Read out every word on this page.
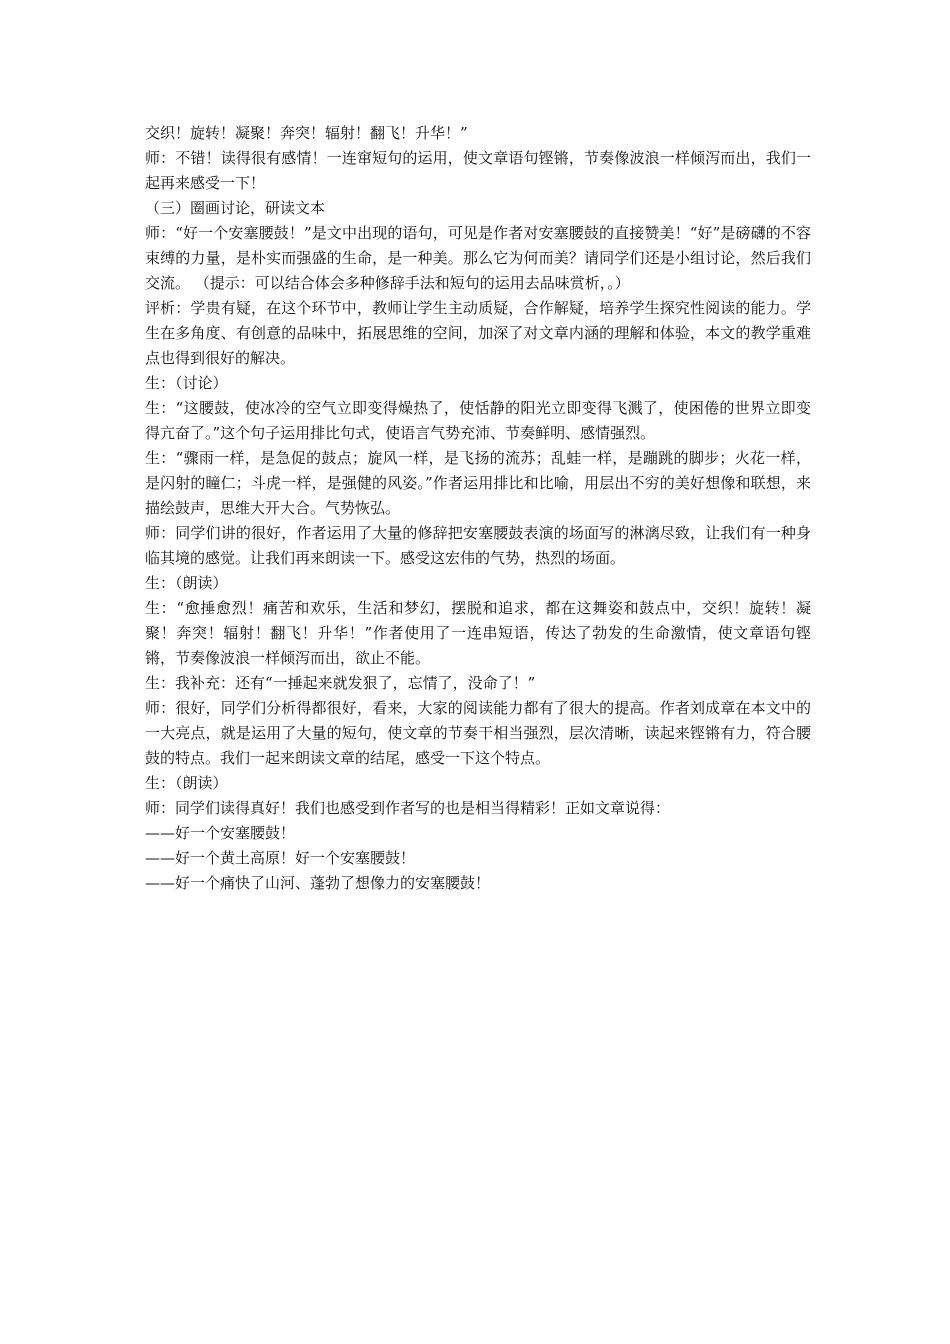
交织！旋转！凝聚！奔突！辐射！翻飞！升华！”

师：不错！读得很有感情！一连窜短句的运用，使文章语句铿锵，节奏像波浪一样倾泻而出，我们一起再来感受一下！

（三）圈画讨论，研读文本

师：“好一个安塞腰鼓！”是文中出现的语句，可见是作者对安塞腰鼓的直接赞美！“好”是磅礴的不容束缚的力量，是朴实而强盛的生命，是一种美。那么它为何而美？请同学们还是小组讨论，然后我们交流。 （提示：可以结合体会多种修辞手法和短句的运用去品味赏析，。）

评析：学贵有疑，在这个环节中，教师让学生主动质疑，合作解疑，培养学生探究性阅读的能力。学生在多角度、有创意的品味中，拓展思维的空间，加深了对文章内涵的理解和体验，本文的教学重难点也得到很好的解决。

生：（讨论）

生：“这腰鼓，使冰冷的空气立即变得燥热了，使恬静的阳光立即变得飞溅了，使困倦的世界立即变得亢奋了。”这个句子运用排比句式，使语言气势充沛、节奏鲜明、感情强烈。

生：“骤雨一样，是急促的鼓点；旋风一样，是飞扬的流苏；乱蛙一样，是蹦跳的脚步；火花一样，是闪射的瞳仁；斗虎一样，是强健的风姿。”作者运用排比和比喻，用层出不穷的美好想像和联想，来描绘鼓声，思维大开大合。气势恢弘。

师：同学们讲的很好，作者运用了大量的修辞把安塞腰鼓表演的场面写的淋漓尽致，让我们有一种身临其境的感觉。让我们再来朗读一下。感受这宏伟的气势，热烈的场面。

生：（朗读）

生：“愈捶愈烈！痛苦和欢乐，生活和梦幻，摆脱和追求，都在这舞姿和鼓点中，交织！旋转！凝聚！奔突！辐射！翻飞！升华！”作者使用了一连串短语，传达了勃发的生命激情，使文章语句铿锵，节奏像波浪一样倾泻而出，欲止不能。

生：我补充：还有“一捶起来就发狠了，忘情了，没命了！”

师：很好，同学们分析得都很好，看来，大家的阅读能力都有了很大的提高。作者刘成章在本文中的一大亮点，就是运用了大量的短句，使文章的节奏干相当强烈，层次清晰，读起来铿锵有力，符合腰鼓的特点。我们一起来朗读文章的结尾，感受一下这个特点。

生：（朗读）

师：同学们读得真好！我们也感受到作者写的也是相当得精彩！正如文章说得：

——好一个安塞腰鼓！

——好一个黄土高原！好一个安塞腰鼓！

——好一个痛快了山河、蓬勃了想像力的安塞腰鼓！
